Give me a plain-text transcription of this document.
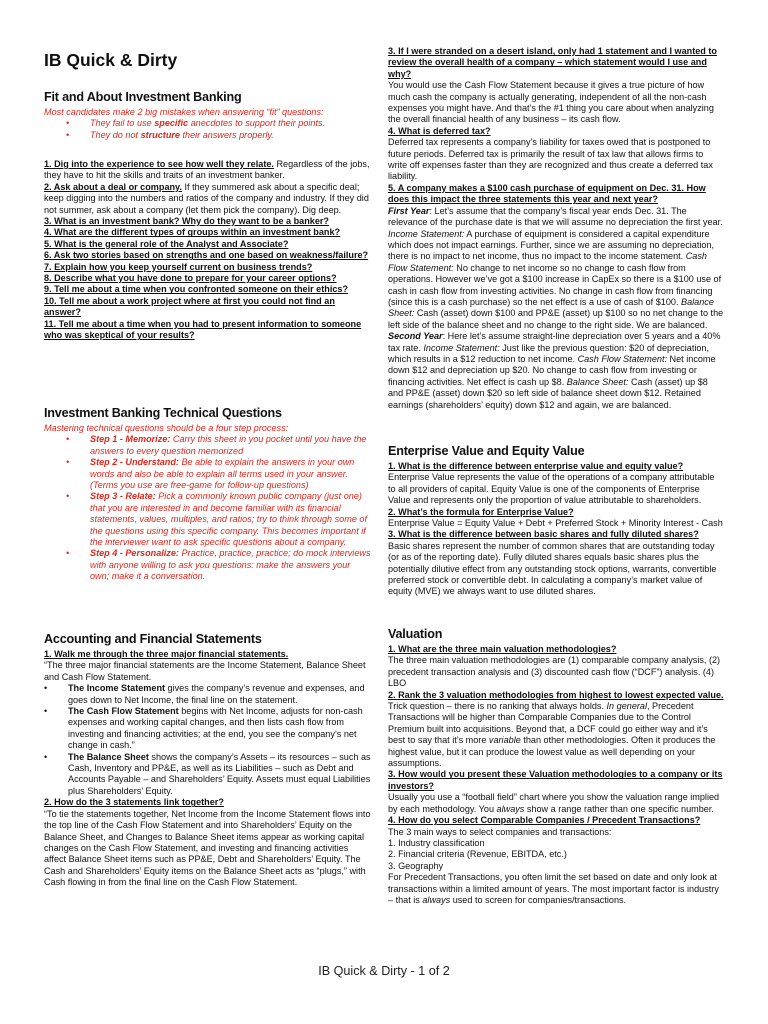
IB Quick & Dirty
Fit and About Investment Banking

Most candidates make 2 big mistakes when answering “fit” questions:

• They fail to use specific anecdotes to support their points.
• They do not structure their answers properly.

1. Dig into the experience to see how well they relate. Regardless of the jobs, they have to hit the skills and traits of an investment banker.

2. Ask about a deal or company. If they summered ask about a specific deal; keep digging into the numbers and ratios of the company and industry. If they did not summer, ask about a company (let them pick the company). Dig deep.

3. What is an investment bank? Why do they want to be a banker?

4. What are the different types of groups within an investment bank?

5. What is the general role of the Analyst and Associate?

6. Ask two stories based on strengths and one based on weakness/failure?

7. Explain how you keep yourself current on business trends?

8. Describe what you have done to prepare for your career options?

9. Tell me about a time when you confronted someone on their ethics?

10. Tell me about a work project where at first you could not find an answer?

11. Tell me about a time when you had to present information to someone who was skeptical of your results?

Investment Banking Technical Questions

Mastering technical questions should be a four step process:

• Step 1 - Memorize: Carry this sheet in you pocket until you have the answers to every question memorized
• Step 2 - Understand: Be able to explain the answers in your own words and also be able to explain all terms used in your answer. (Terms you use are free-game for follow-up questions)
• Step 3 - Relate: Pick a commonly known public company (just one) that you are interested in and become familiar with its financial statements, values, multiples, and ratios; try to think through some of the questions using this specific company. This becomes important if the interviewer want to ask specific questions about a company.
• Step 4 - Personalize: Practice, practice, practice; do mock interviews with anyone willing to ask you questions: make the answers your own; make it a conversation.
Accounting and Financial Statements

1. Walk me through the three major financial statements.

“The three major financial statements are the Income Statement, Balance Sheet and Cash Flow Statement.

• The Income Statement gives the company’s revenue and expenses, and goes down to Net Income, the final line on the statement.
• The Cash Flow Statement begins with Net Income, adjusts for non-cash expenses and working capital changes, and then lists cash flow from investing and financing activities; at the end, you see the company’s net change in cash.”
• The Balance Sheet shows the company’s Assets – its resources – such as Cash, Inventory and PP&E, as well as its Liabilities – such as Debt and Accounts Payable – and Shareholders’ Equity. Assets must equal Liabilities plus Shareholders’ Equity.

2. How do the 3 statements link together?

“To tie the statements together, Net Income from the Income Statement flows into the top line of the Cash Flow Statement and into Shareholders’ Equity on the Balance Sheet, and Changes to Balance Sheet items appear as working capital changes on the Cash Flow Statement, and investing and financing activities affect Balance Sheet items such as PP&E, Debt and Shareholders’ Equity. The Cash and Shareholders’ Equity items on the Balance Sheet acts as “plugs,” with Cash flowing in from the final line on the Cash Flow Statement.

3. If I were stranded on a desert island, only had 1 statement and I wanted to review the overall health of a company – which statement would I use and why?

You would use the Cash Flow Statement because it gives a true picture of how much cash the company is actually generating, independent of all the non-cash expenses you might have. And that’s the #1 thing you care about when analyzing the overall financial health of any business – its cash flow.

4. What is deferred tax?

Deferred tax represents a company’s liability for taxes owed that is postponed to future periods. Deferred tax is primarily the result of tax law that allows firms to write off expenses faster than they are recognized and thus create a deferred tax liability.

5. A company makes a $100 cash purchase of equipment on Dec. 31. How does this impact the three statements this year and next year?

First Year: Let’s assume that the company’s fiscal year ends Dec. 31. The relevance of the purchase date is that we will assume no depreciation the first year. Income Statement: A purchase of equipment is considered a capital expenditure which does not impact earnings. Further, since we are assuming no depreciation, there is no impact to net income, thus no impact to the income statement. Cash Flow Statement: No change to net income so no change to cash flow from operations. However we’ve got a $100 increase in CapEx so there is a $100 use of cash in cash flow from investing activities. No change in cash flow from financing (since this is a cash purchase) so the net effect is a use of cash of $100. Balance Sheet: Cash (asset) down $100 and PP&E (asset) up $100 so no net change to the left side of the balance sheet and no change to the right side. We are balanced.
Second Year: Here let’s assume straight-line depreciation over 5 years and a 40% tax rate. Income Statement: Just like the previous question: $20 of depreciation, which results in a $12 reduction to net income. Cash Flow Statement: Net income down $12 and depreciation up $20. No change to cash flow from investing or financing activities. Net effect is cash up $8. Balance Sheet: Cash (asset) up $8 and PP&E (asset) down $20 so left side of balance sheet down $12. Retained earnings (shareholders’ equity) down $12 and again, we are balanced.

Enterprise Value and Equity Value

1. What is the difference between enterprise value and equity value?

Enterprise Value represents the value of the operations of a company attributable to all providers of capital. Equity Value is one of the components of Enterprise Value and represents only the proportion of value attributable to shareholders.

2. What’s the formula for Enterprise Value?

Enterprise Value = Equity Value + Debt + Preferred Stock + Minority Interest - Cash

3. What is the difference between basic shares and fully diluted shares?

Basic shares represent the number of common shares that are outstanding today (or as of the reporting date). Fully diluted shares equals basic shares plus the potentially dilutive effect from any outstanding stock options, warrants, convertible preferred stock or convertible debt. In calculating a company’s market value of equity (MVE) we always want to use diluted shares.

Valuation

1. What are the three main valuation methodologies?

The three main valuation methodologies are (1) comparable company analysis, (2) precedent transaction analysis and (3) discounted cash flow (“DCF”) analysis. (4) LBO

2. Rank the 3 valuation methodologies from highest to lowest expected value.

Trick question – there is no ranking that always holds. In general, Precedent Transactions will be higher than Comparable Companies due to the Control Premium built into acquisitions. Beyond that, a DCF could go either way and it’s best to say that it’s more variable than other methodologies. Often it produces the highest value, but it can produce the lowest value as well depending on your assumptions.

3. How would you present these Valuation methodologies to a company or its investors?

Usually you use a “football field” chart where you show the valuation range implied by each methodology. You always show a range rather than one specific number.

4. How do you select Comparable Companies / Precedent Transactions?

The 3 main ways to select companies and transactions:

1. Industry classification

2. Financial criteria (Revenue, EBITDA, etc.)

3. Geography

For Precedent Transactions, you often limit the set based on date and only look at transactions within a limited amount of years. The most important factor is industry – that is always used to screen for companies/transactions.

IB Quick & Dirty - 1 of 2
